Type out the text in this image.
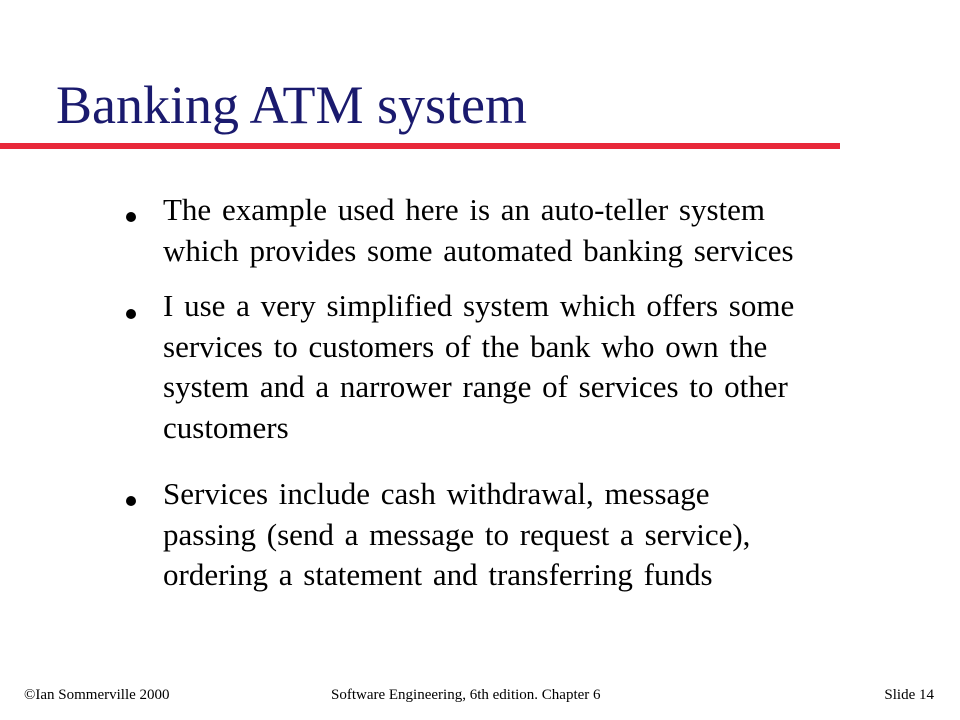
Banking ATM system
The example used here is an auto-teller system
which provides some automated banking services
I use a very simplified system which offers some
services to customers of the bank who own the
system and a narrower range of services to other
customers
Services include cash withdrawal, message
passing (send a message to request a service),
ordering a statement and transferring funds
©Ian Sommerville 2000	Software Engineering, 6th edition. Chapter 6	Slide 14
